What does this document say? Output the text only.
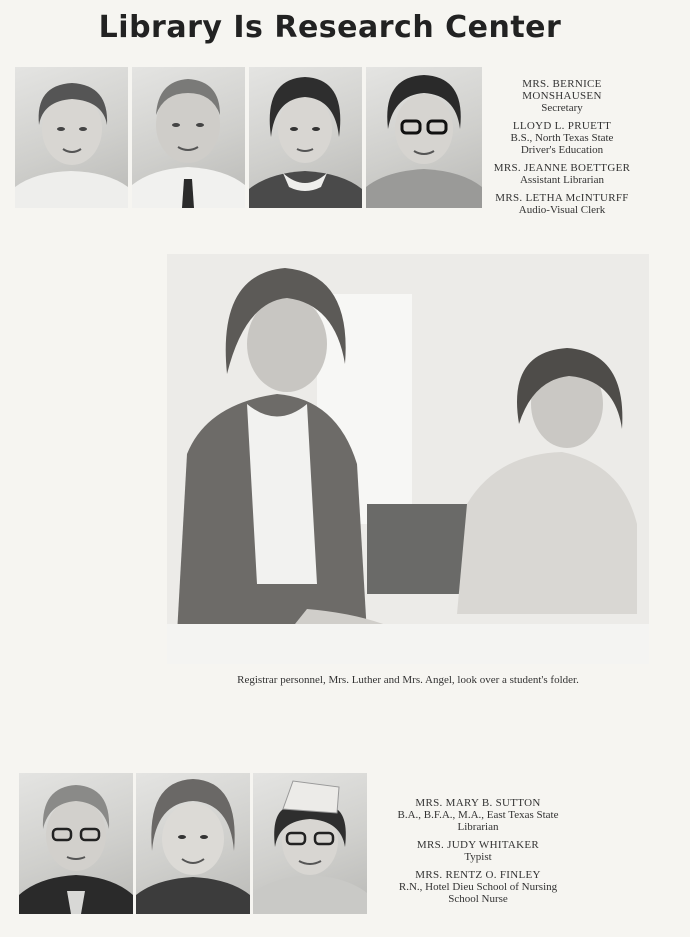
Library Is Research Center
MRS. BERNICE MONSHAUSEN
Secretary
LLOYD L. PRUETT
B.S., North Texas State
Driver's Education
MRS. JEANNE BOETTGER
Assistant Librarian
MRS. LETHA McINTURFF
Audio-Visual Clerk
Registrar personnel, Mrs. Luther and Mrs. Angel, look over a student's folder.
MRS. MARY B. SUTTON
B.A., B.F.A., M.A., East Texas State
Librarian
MRS. JUDY WHITAKER
Typist
MRS. RENTZ O. FINLEY
R.N., Hotel Dieu School of Nursing
School Nurse
